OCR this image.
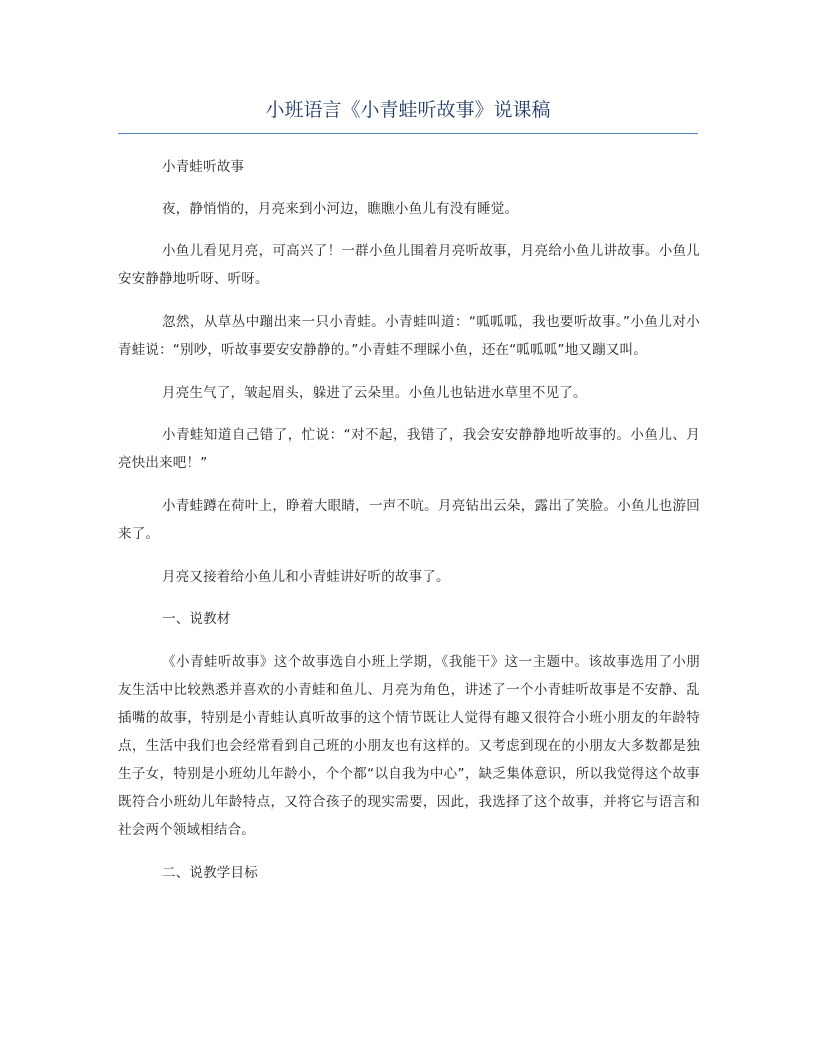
小班语言《小青蛙听故事》说课稿

小青蛙听故事

夜，静悄悄的，月亮来到小河边，瞧瞧小鱼儿有没有睡觉。

小鱼儿看见月亮，可高兴了！一群小鱼儿围着月亮听故事，月亮给小鱼儿讲故事。小鱼儿安安静静地听呀、听呀。

忽然，从草丛中蹦出来一只小青蛙。小青蛙叫道：“呱呱呱，我也要听故事。”小鱼儿对小青蛙说：“别吵，听故事要安安静静的。”小青蛙不理睬小鱼，还在“呱呱呱”地又蹦又叫。

月亮生气了，皱起眉头，躲进了云朵里。小鱼儿也钻进水草里不见了。

小青蛙知道自己错了，忙说：“对不起，我错了，我会安安静静地听故事的。小鱼儿、月亮快出来吧！”

小青蛙蹲在荷叶上，睁着大眼睛，一声不吭。月亮钻出云朵，露出了笑脸。小鱼儿也游回来了。

月亮又接着给小鱼儿和小青蛙讲好听的故事了。

一、说教材

《小青蛙听故事》这个故事选自小班上学期，《我能干》这一主题中。该故事选用了小朋友生活中比较熟悉并喜欢的小青蛙和鱼儿、月亮为角色，讲述了一个小青蛙听故事是不安静、乱插嘴的故事，特别是小青蛙认真听故事的这个情节既让人觉得有趣又很符合小班小朋友的年龄特点，生活中我们也会经常看到自己班的小朋友也有这样的。又考虑到现在的小朋友大多数都是独生子女，特别是小班幼儿年龄小，个个都“以自我为中心”，缺乏集体意识，所以我觉得这个故事既符合小班幼儿年龄特点，又符合孩子的现实需要，因此，我选择了这个故事，并将它与语言和社会两个领域相结合。

二、说教学目标
